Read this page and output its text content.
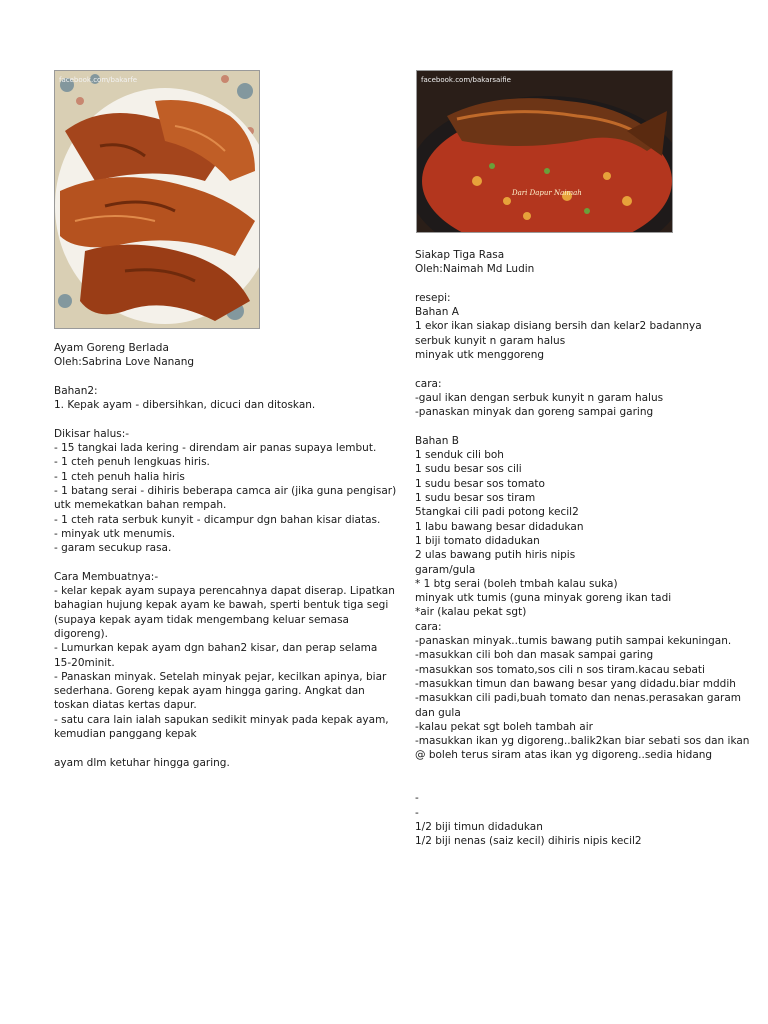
facebook.com/bakarfe	facebook.com/bakarsaifie
Dari Dapur Naimah
Ayam Goreng Berlada
Oleh:Sabrina Love Nanang
Bahan2:
1. Kepak ayam - dibersihkan, dicuci dan ditoskan.
Dikisar halus:-
- 15 tangkai lada kering - direndam air panas supaya lembut.
- 1 cteh penuh lengkuas hiris.
- 1 cteh penuh halia hiris
- 1 batang serai - dihiris beberapa camca air (jika guna pengisar)
utk memekatkan bahan rempah.
- 1 cteh rata serbuk kunyit - dicampur dgn bahan kisar diatas.
- minyak utk menumis.
- garam secukup rasa.
Cara Membuatnya:-
- kelar kepak ayam supaya perencahnya dapat diserap. Lipatkan
bahagian hujung kepak ayam ke bawah, sperti bentuk tiga segi
(supaya kepak ayam tidak mengembang keluar semasa
digoreng).
- Lumurkan kepak ayam dgn bahan2 kisar, dan perap selama
15-20minit.
- Panaskan minyak. Setelah minyak pejar, kecilkan apinya, biar
sederhana. Goreng kepak ayam hingga garing. Angkat dan
toskan diatas kertas dapur.
- satu cara lain ialah sapukan sedikit minyak pada kepak ayam,
kemudian panggang kepak
ayam dlm ketuhar hingga garing.
Siakap Tiga Rasa
Oleh:Naimah Md Ludin
resepi:
Bahan A
1 ekor ikan siakap disiang bersih dan kelar2 badannya
serbuk kunyit n garam halus
minyak utk menggoreng
cara:
-gaul ikan dengan serbuk kunyit n garam halus
-panaskan minyak dan goreng sampai garing
Bahan B
1 senduk cili boh
1 sudu besar sos cili
1 sudu besar sos tomato
1 sudu besar sos tiram
5tangkai cili padi potong kecil2
1 labu bawang besar didadukan
1 biji tomato didadukan
2 ulas bawang putih hiris nipis
garam/gula
* 1 btg serai (boleh tmbah kalau suka)
minyak utk tumis (guna minyak goreng ikan tadi
*air (kalau pekat sgt)
cara:
-panaskan minyak..tumis bawang putih sampai kekuningan.
-masukkan cili boh dan masak sampai garing
-masukkan sos tomato,sos cili n sos tiram.kacau sebati
-masukkan timun dan bawang besar yang didadu.biar mddih
-masukkan cili padi,buah tomato dan nenas.perasakan garam
dan gula
-kalau pekat sgt boleh tambah air
-masukkan ikan yg digoreng..balik2kan biar sebati sos dan ikan
@ boleh terus siram atas ikan yg digoreng..sedia hidang
-
-
1/2 biji timun didadukan
1/2 biji nenas (saiz kecil) dihiris nipis kecil2
